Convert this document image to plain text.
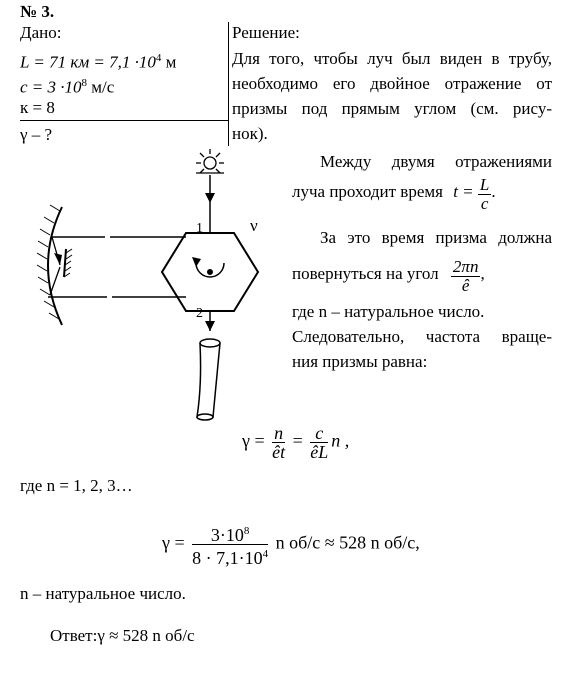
№ 3.
Дано:
L = 71 км = $7,1 \cdot 10^4$ м
$c = 3 \cdot 10^8$ м/с
к = 8
γ – ?
Решение:
Для того, чтобы луч был виден в трубу,
необходимо его двойное отражение от
призмы под прямым углом (см. рису-
нок).
Между двумя отражениями
луча проходит время $t = \frac{L}{c}$ .
За это время призма должна
повернуться на угол $\frac{2\pi n}{ê}$ ,
где n – натуральное число.
Следовательно, частота враще-
ния призмы равна:
1
2
ν
$\gamma = \frac{n}{êt} = \frac{c}{êL}$ n ,
где n = 1, 2, 3…
$\gamma = \frac{3\cdot 10^8}{8 \cdot 7,1\cdot 10^4}$ n об/с ≈ 528 n об/с,
n – натуральное число.
Ответ:γ ≈ 528 n об/с
